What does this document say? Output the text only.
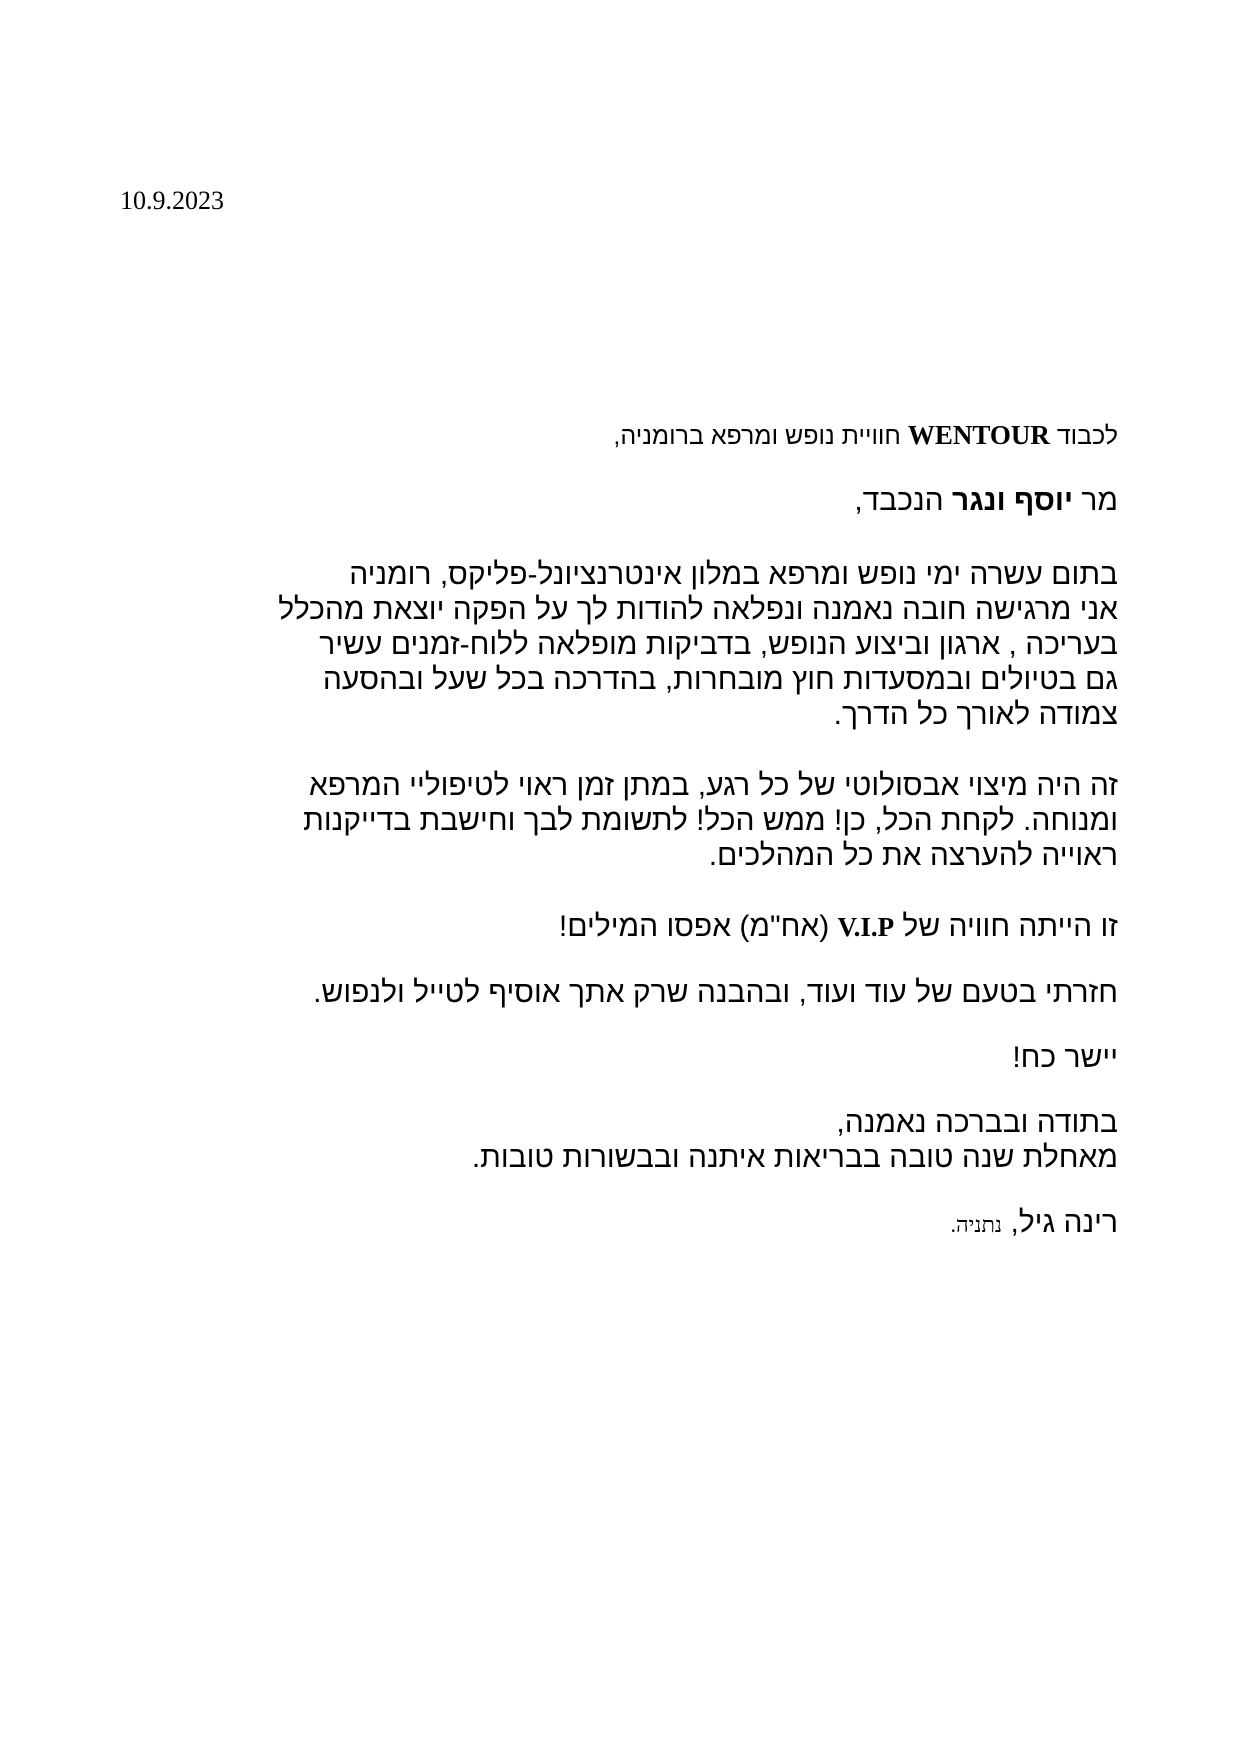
10.9.2023
לכבוד WENTOUR חוויית נופש ומרפא ברומניה,
מר יוסף ונגר הנכבד,
בתום עשרה ימי נופש ומרפא במלון אינטרנציונל-פליקס, רומניה
אני מרגישה חובה נאמנה ונפלאה להודות לך על הפקה יוצאת מהכלל
בעריכה , ארגון וביצוע הנופש, בדביקות מופלאה ללוח-זמנים עשיר
גם בטיולים ובמסעדות חוץ מובחרות, בהדרכה בכל שעל ובהסעה
צמודה לאורך כל הדרך.
זה היה מיצוי אבסולוטי של כל רגע, במתן זמן ראוי לטיפוליי המרפא
ומנוחה. לקחת הכל, כן! ממש הכל! לתשומת לבך וחישבת בדייקנות
ראוייה להערצה את כל המהלכים.
זו הייתה חוויה של V.I.P (אח"מ) אפסו המילים!
חזרתי בטעם של עוד ועוד, ובהבנה שרק אתך אוסיף לטייל ולנפוש.
יישר כח!
בתודה ובברכה נאמנה,
מאחלת שנה טובה בבריאות איתנה ובבשורות טובות.
רינה גיל, נתניה.
